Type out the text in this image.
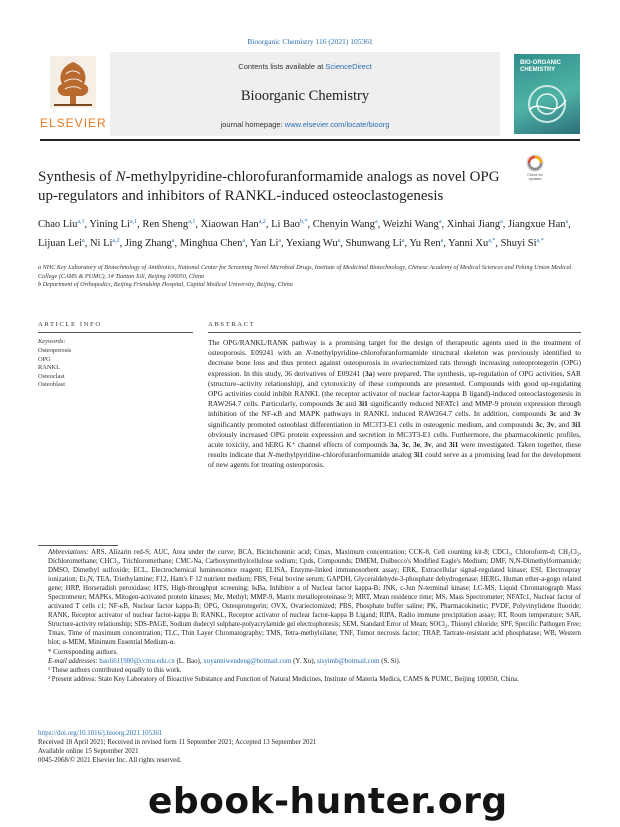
Bioorganic Chemistry 116 (2021) 105361
ELSEVIER
Contents lists available at ScienceDirect
Bioorganic Chemistry
journal homepage: www.elsevier.com/locate/bioorg
BIO-ORGANIC CHEMISTRY
Check for updates
Synthesis of N-methylpyridine-chlorofuranformamide analogs as novel OPG up-regulators and inhibitors of RANKL-induced osteoclastogenesis
Chao Liu$^{a,1}$, Yining Li$^{a,1}$, Ren Sheng$^{a,1}$, Xiaowan Han$^{a,2}$, Li Bao$^{b,*}$, Chenyin Wang$^a$, Weizhi Wang$^a$, Xinhai Jiang$^a$, Jiangxue Han$^a$, Lijuan Lei$^a$, Ni Li$^{a,2}$, Jing Zhang$^a$, Minghua Chen$^a$, Yan Li$^a$, Yexiang Wu$^a$, Shunwang Li$^a$, Yu Ren$^a$, Yanni $Xu^{a,*}$, Shuyi $Si^{a,*}$
a NHC Key Laboratory of Biotechnology of Antibiotics, National Center for Screening Novel Microbial Drugs, Institute of Medicinal Biotechnology, Chinese Academy of Medical Sciences and Peking Union Medical College (CAMS & PUMC), 1# Tiantan Xili, Beijing 100050, China
b Department of Orthopedics, Beijing Friendship Hospital, Capital Medical University, Beijing, China
ARTICLE INFO	ABSTRACT
Keywords:
Osteoporosis
OPG
RANKL
Osteoclast
Osteoblast
The OPG/RANKL/RANK pathway is a promising target for the design of therapeutic agents used in the treatment of osteoporosis. E09241 with an N-methylpyridine-chlorofuranformamide structural skeleton was previously identified to decrease bone loss and thus protect against osteoporosis in ovariectomized rats through increasing osteoprotegerin (OPG) expression. In this study, 36 derivatives of E09241 (3a) were prepared. The synthesis, up-regulation of OPG activities, SAR (structure–activity relationship), and cytotoxicity of these compounds are presented. Compounds with good up-regulating OPG activities could inhibit RANKL (the receptor activator of nuclear factor-kappa B ligand)-induced osteoclastogenesis in RAW264.7 cells. Particularly, compounds 3c and 3i1 significantly reduced NFATc1 and MMP-9 protein expression through inhibition of the NF-κB and MAPK pathways in RANKL induced RAW264.7 cells. In addition, compounds 3c and 3v significantly promoted osteoblast differentiation in MC3T3-E1 cells in osteogenic medium, and compounds 3c, 3v, and 3i1 obviously increased OPG protein expression and secretion in MC3T3-E1 cells. Furthermore, the pharmacokinetic profiles, acute toxicity, and hERG K⁺ channel effects of compounds 3a, 3c, 3e, 3v, and 3i1 were investigated. Taken together, these results indicate that N-methylpyridine-chlorofuranformamide analog 3i1 could serve as a promising lead for the development of new agents for treating osteoporosis.
Abbreviations: ARS, Alizarin red-S; AUC, Area under the curve; BCA, Bicinchoninic acid; Cmax, Maximum concentration; CCK-8, Cell counting kit-8; CDCl₃, Chloroform-d; CH₂Cl₂, Dichloromethane; CHCl₃, Trichloromethane; CMC-Na, Carboxymethylcellulose sodium; Cpds, Compounds; DMEM, Dulbecco's Modified Eagle's Medium; DMF, N,N-Dimethylformamide; DMSO, Dimethyl sulfoxide; ECL, Electrochemical luminescence reagent; ELISA, Enzyme-linked immunosorbent assay; ERK, Extracellular signal-regulated kinase; ESI, Electrospray ionization; Et₃N, TEA, Triethylamine; F12, Ham's F 12 nutrient medium; FBS, Fetal bovine serum; GAPDH, Glyceraldehyde-3-phosphate dehydrogenase; HERG, Human ether-a-gogo related gene; HRP, Horseradish peroxidase; HTS, High-throughput screening; IκBa, Inhibitor a of Nuclear factor kappa-B; JNK, c-Jun N-terminal kinase; LC-MS, Liquid Chromatograph Mass Spectrometer; MAPKs, Mitogen-activated protein kinases; Me, Methyl; MMP-9, Matrix metalloproteinase 9; MRT, Mean residence time; MS, Mass Spectrometer; NFATc1, Nuclear factor of activated T cells c1; NF-κB, Nuclear factor kappa-B; OPG, Osteoprotegerin; OVX, Ovariectomized; PBS, Phosphate buffer saline; PK, Pharmacokinetic; PVDF, Polyvinylidene fluoride; RANK, Receptor activator of nuclear factor-kappa B; RANKL, Receptor activator of nuclear factor-kappa B Ligand; RIPA, Radio immune precipitation assay; RT, Room temperature; SAR, Structure-activity relationship; SDS-PAGE, Sodium dodecyl sulphate-polyacrylamide gel electrophoresis; SEM, Standard Error of Mean; SOCl₂, Thionyl chloride; SPF, Specific Pathogen Free; Tmax, Time of maximum concentration; TLC, Thin Layer Chromatography; TMS, Tetra-methylsilane; TNF, Tumor necrosis factor; TRAP, Tartrate-resistant acid phosphatase; WB, Western blot; α-MEM, Minimum Essential Medium-α.
* Corresponding authors.
E-mail addresses: baoli611980@ccmu.edu.cn (L. Bao), xuyanniwendeng@hotmail.com (Y. Xu), sisyimb@hotmail.com (S. Si).
¹ These authors contributed equally to this work.
² Present address: State Key Laboratory of Bioactive Substance and Function of Natural Medicines, Institute of Materia Medica, CAMS & PUMC, Beijing 100050, China.
https://doi.org/10.1016/j.bioorg.2021.105361
Received 18 April 2021; Received in revised form 11 September 2021; Accepted 13 September 2021
Available online 15 September 2021
0045-2068/© 2021 Elsevier Inc. All rights reserved.
ebook-hunter.org
